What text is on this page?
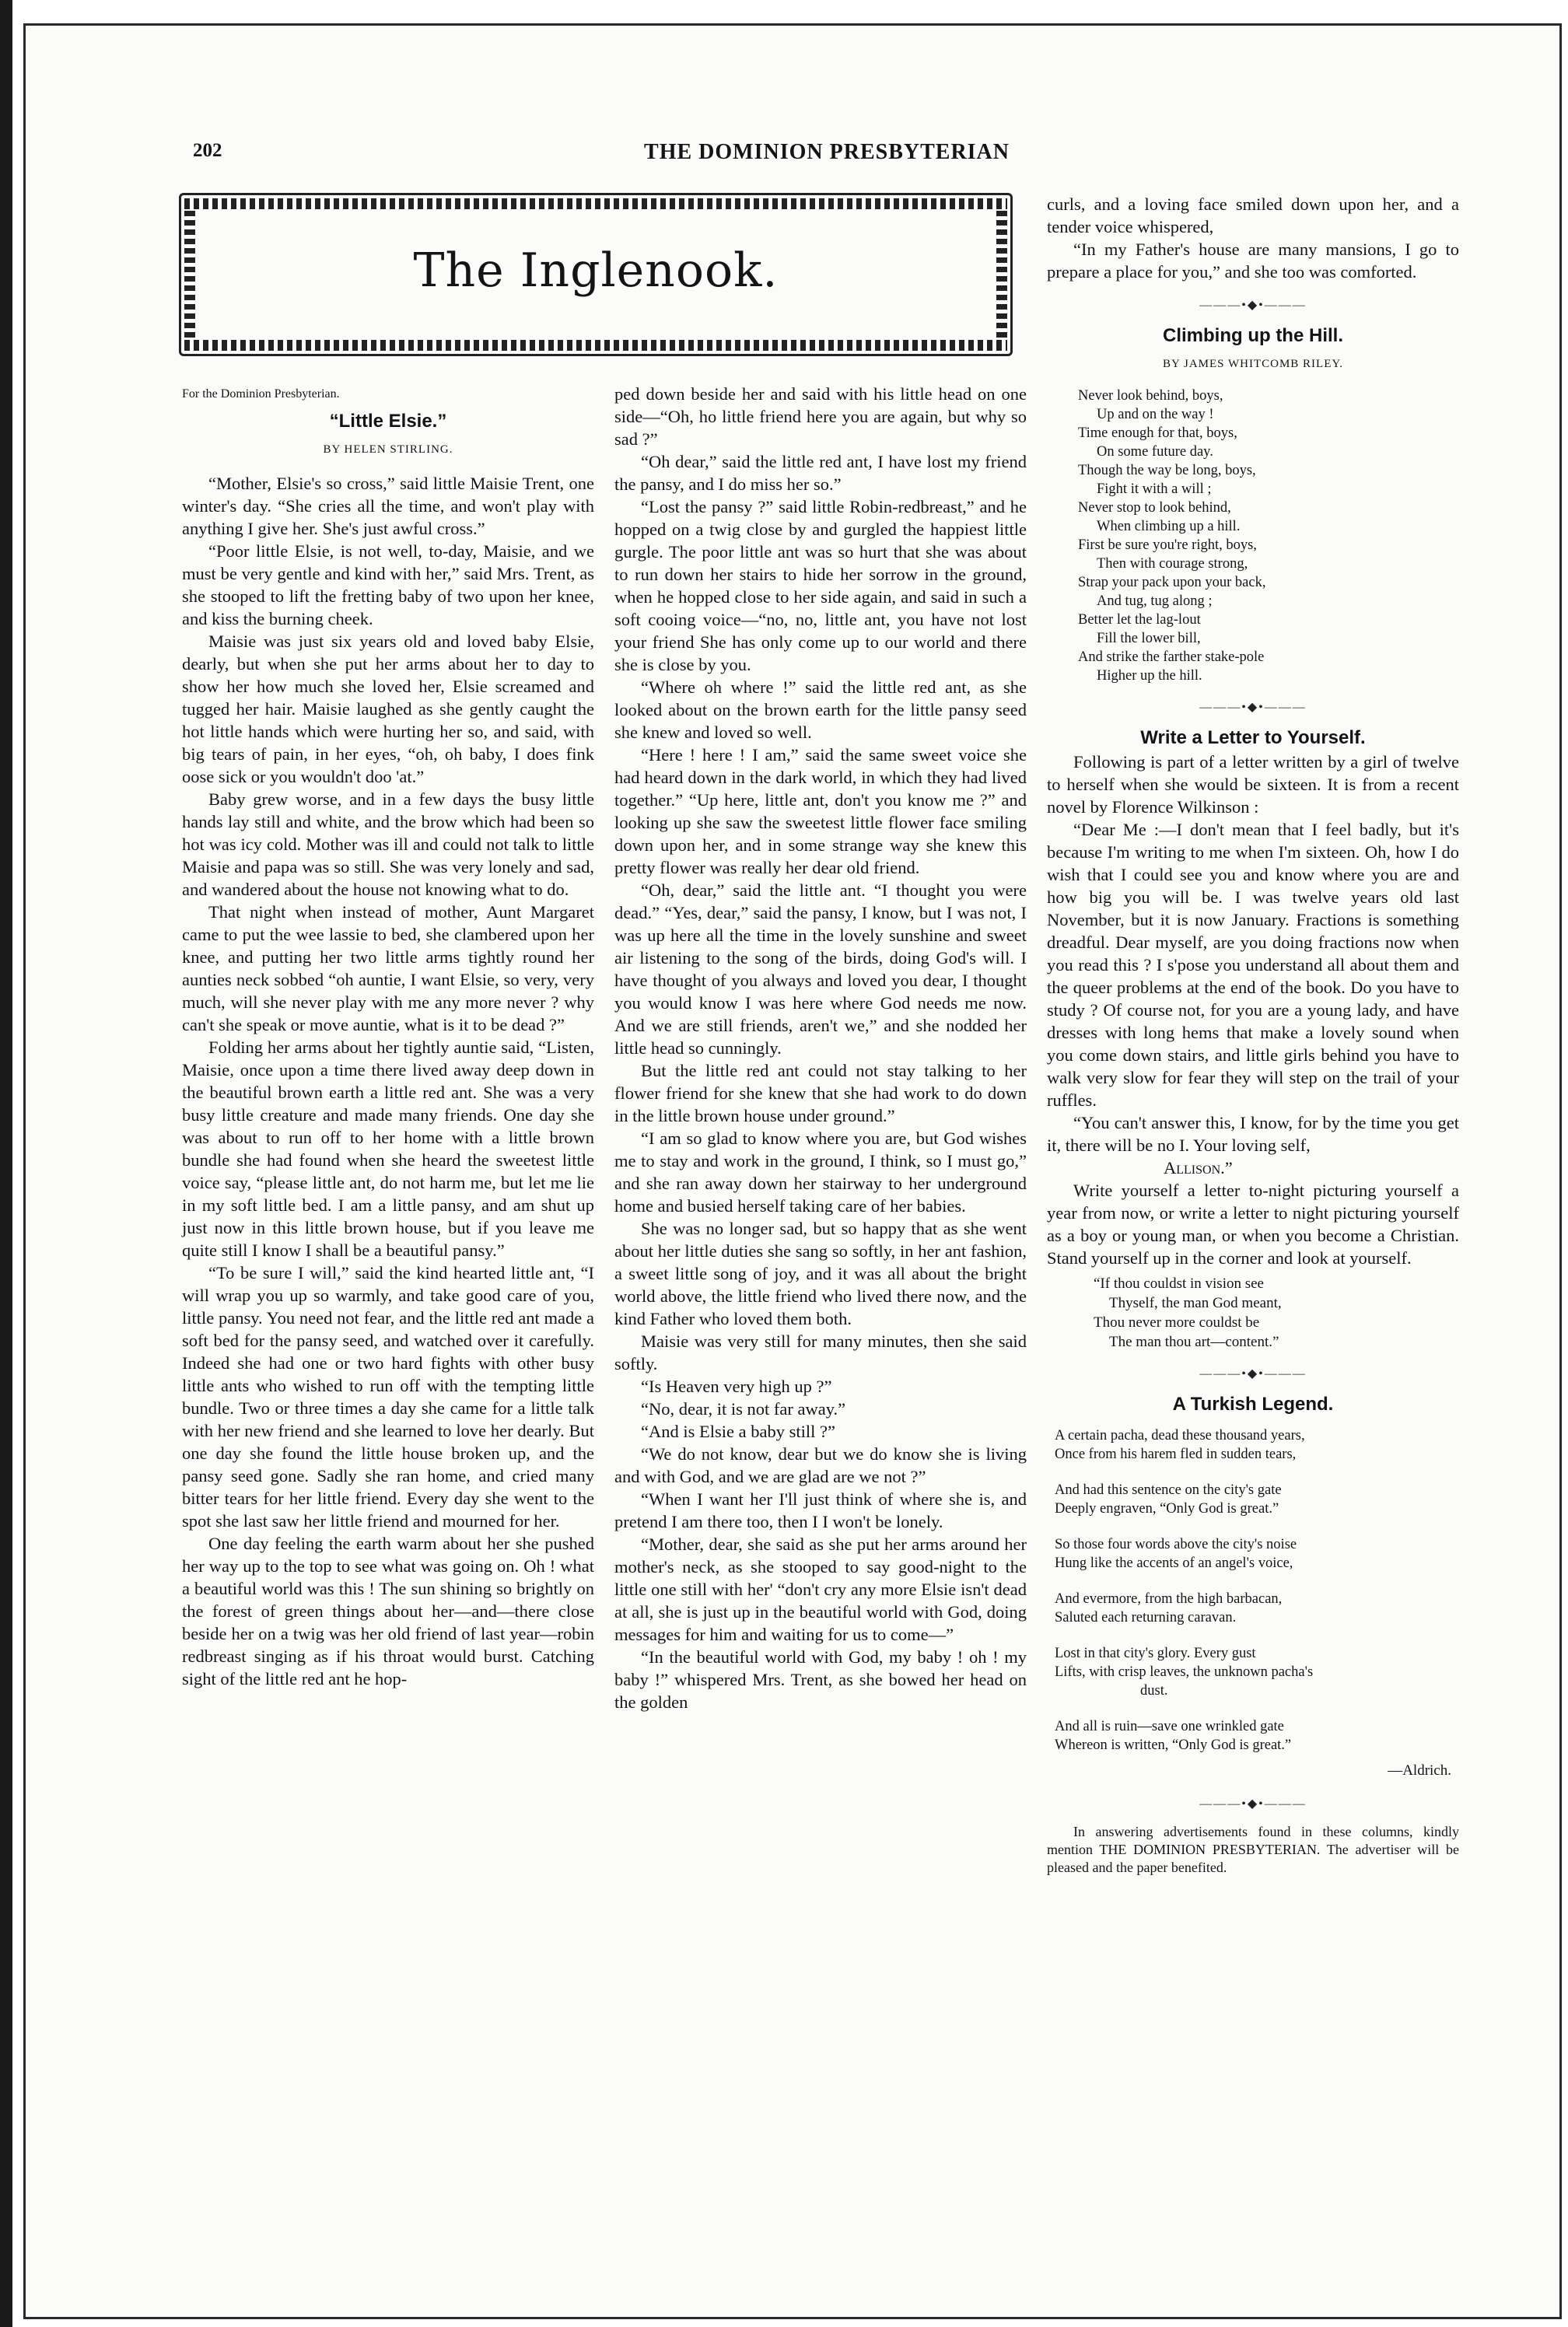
202	THE DOMINION PRESBYTERIAN
The Inglenook.
For the Dominion Presbyterian.
“Little Elsie.”
BY HELEN STIRLING.

“Mother, Elsie's so cross,” said little Maisie Trent, one winter's day. “She cries all the time, and won't play with anything I give her. She's just awful cross.”

“Poor little Elsie, is not well, to-day, Maisie, and we must be very gentle and kind with her,” said Mrs. Trent, as she stooped to lift the fretting baby of two upon her knee, and kiss the burning cheek.

Maisie was just six years old and loved baby Elsie, dearly, but when she put her arms about her to day to show her how much she loved her, Elsie screamed and tugged her hair. Maisie laughed as she gently caught the hot little hands which were hurting her so, and said, with big tears of pain, in her eyes, “oh, oh baby, I does fink oose sick or you wouldn't doo 'at.”

Baby grew worse, and in a few days the busy little hands lay still and white, and the brow which had been so hot was icy cold. Mother was ill and could not talk to little Maisie and papa was so still. She was very lonely and sad, and wandered about the house not knowing what to do.

That night when instead of mother, Aunt Margaret came to put the wee lassie to bed, she clambered upon her knee, and putting her two little arms tightly round her aunties neck sobbed “oh auntie, I want Elsie, so very, very much, will she never play with me any more never ? why can't she speak or move auntie, what is it to be dead ?”

Folding her arms about her tightly auntie said, “Listen, Maisie, once upon a time there lived away deep down in the beautiful brown earth a little red ant. She was a very busy little creature and made many friends. One day she was about to run off to her home with a little brown bundle she had found when she heard the sweetest little voice say, “please little ant, do not harm me, but let me lie in my soft little bed. I am a little pansy, and am shut up just now in this little brown house, but if you leave me quite still I know I shall be a beautiful pansy.”

“To be sure I will,” said the kind hearted little ant, “I will wrap you up so warmly, and take good care of you, little pansy. You need not fear, and the little red ant made a soft bed for the pansy seed, and watched over it carefully. Indeed she had one or two hard fights with other busy little ants who wished to run off with the tempting little bundle. Two or three times a day she came for a little talk with her new friend and she learned to love her dearly. But one day she found the little house broken up, and the pansy seed gone. Sadly she ran home, and cried many bitter tears for her little friend. Every day she went to the spot she last saw her little friend and mourned for her.

One day feeling the earth warm about her she pushed her way up to the top to see what was going on. Oh ! what a beautiful world was this ! The sun shining so brightly on the forest of green things about her—and—there close beside her on a twig was her old friend of last year—robin redbreast singing as if his throat would burst. Catching sight of the little red ant he hop-

ped down beside her and said with his little head on one side—“Oh, ho little friend here you are again, but why so sad ?”

“Oh dear,” said the little red ant, I have lost my friend the pansy, and I do miss her so.”

“Lost the pansy ?” said little Robin-redbreast,” and he hopped on a twig close by and gurgled the happiest little gurgle. The poor little ant was so hurt that she was about to run down her stairs to hide her sorrow in the ground, when he hopped close to her side again, and said in such a soft cooing voice—“no, no, little ant, you have not lost your friend She has only come up to our world and there she is close by you.

“Where oh where !” said the little red ant, as she looked about on the brown earth for the little pansy seed she knew and loved so well.

“Here ! here ! I am,” said the same sweet voice she had heard down in the dark world, in which they had lived together.” “Up here, little ant, don't you know me ?” and looking up she saw the sweetest little flower face smiling down upon her, and in some strange way she knew this pretty flower was really her dear old friend.

“Oh, dear,” said the little ant. “I thought you were dead.” “Yes, dear,” said the pansy, I know, but I was not, I was up here all the time in the lovely sunshine and sweet air listening to the song of the birds, doing God's will. I have thought of you always and loved you dear, I thought you would know I was here where God needs me now. And we are still friends, aren't we,” and she nodded her little head so cunningly.

But the little red ant could not stay talking to her flower friend for she knew that she had work to do down in the little brown house under ground.”

“I am so glad to know where you are, but God wishes me to stay and work in the ground, I think, so I must go,” and she ran away down her stairway to her underground home and busied herself taking care of her babies.

She was no longer sad, but so happy that as she went about her little duties she sang so softly, in her ant fashion, a sweet little song of joy, and it was all about the bright world above, the little friend who lived there now, and the kind Father who loved them both.

Maisie was very still for many minutes, then she said softly.

“Is Heaven very high up ?”

“No, dear, it is not far away.”

“And is Elsie a baby still ?”

“We do not know, dear but we do know she is living and with God, and we are glad are we not ?”

“When I want her I'll just think of where she is, and pretend I am there too, then I I won't be lonely.

“Mother, dear, she said as she put her arms around her mother's neck, as she stooped to say good-night to the little one still with her' “don't cry any more Elsie isn't dead at all, she is just up in the beautiful world with God, doing messages for him and waiting for us to come—”

“In the beautiful world with God, my baby ! oh ! my baby !” whispered Mrs. Trent, as she bowed her head on the golden

curls, and a loving face smiled down upon her, and a tender voice whispered,

“In my Father's house are many mansions, I go to prepare a place for you,” and she too was comforted.

———•◆•———
Climbing up the Hill.
BY JAMES WHITCOMB RILEY.
Never look behind, boys,
Up and on the way !
Time enough for that, boys,
On some future day.
Though the way be long, boys,
Fight it with a will ;
Never stop to look behind,
When climbing up a hill.
First be sure you're right, boys,
Then with courage strong,
Strap your pack upon your back,
And tug, tug along ;
Better let the lag-lout
Fill the lower bill,
And strike the farther stake-pole
Higher up the hill.
———•◆•———
Write a Letter to Yourself.

Following is part of a letter written by a girl of twelve to herself when she would be sixteen. It is from a recent novel by Florence Wilkinson :

“Dear Me :—I don't mean that I feel badly, but it's because I'm writing to me when I'm sixteen. Oh, how I do wish that I could see you and know where you are and how big you will be. I was twelve years old last November, but it is now January. Fractions is something dreadful. Dear myself, are you doing fractions now when you read this ? I s'pose you understand all about them and the queer problems at the end of the book. Do you have to study ? Of course not, for you are a young lady, and have dresses with long hems that make a lovely sound when you come down stairs, and little girls behind you have to walk very slow for fear they will step on the trail of your ruffles.

“You can't answer this, I know, for by the time you get it, there will be no I. Your loving self,

Allison.”

Write yourself a letter to-night picturing yourself a year from now, or write a letter to night picturing yourself as a boy or young man, or when you become a Christian. Stand yourself up in the corner and look at yourself.

“If thou couldst in vision see
Thyself, the man God meant,
Thou never more couldst be
The man thou art—content.”
———•◆•———
A Turkish Legend.
A certain pacha, dead these thousand years,
Once from his harem fled in sudden tears,
And had this sentence on the city's gate
Deeply engraven, “Only God is great.”
So those four words above the city's noise
Hung like the accents of an angel's voice,
And evermore, from the high barbacan,
Saluted each returning caravan.
Lost in that city's glory. Every gust
Lifts, with crisp leaves, the unknown pacha's
dust.
And all is ruin—save one wrinkled gate
Whereon is written, “Only God is great.”
—Aldrich.
———•◆•———

In answering advertisements found in these columns, kindly mention THE DOMINION PRESBYTERIAN. The advertiser will be pleased and the paper benefited.
